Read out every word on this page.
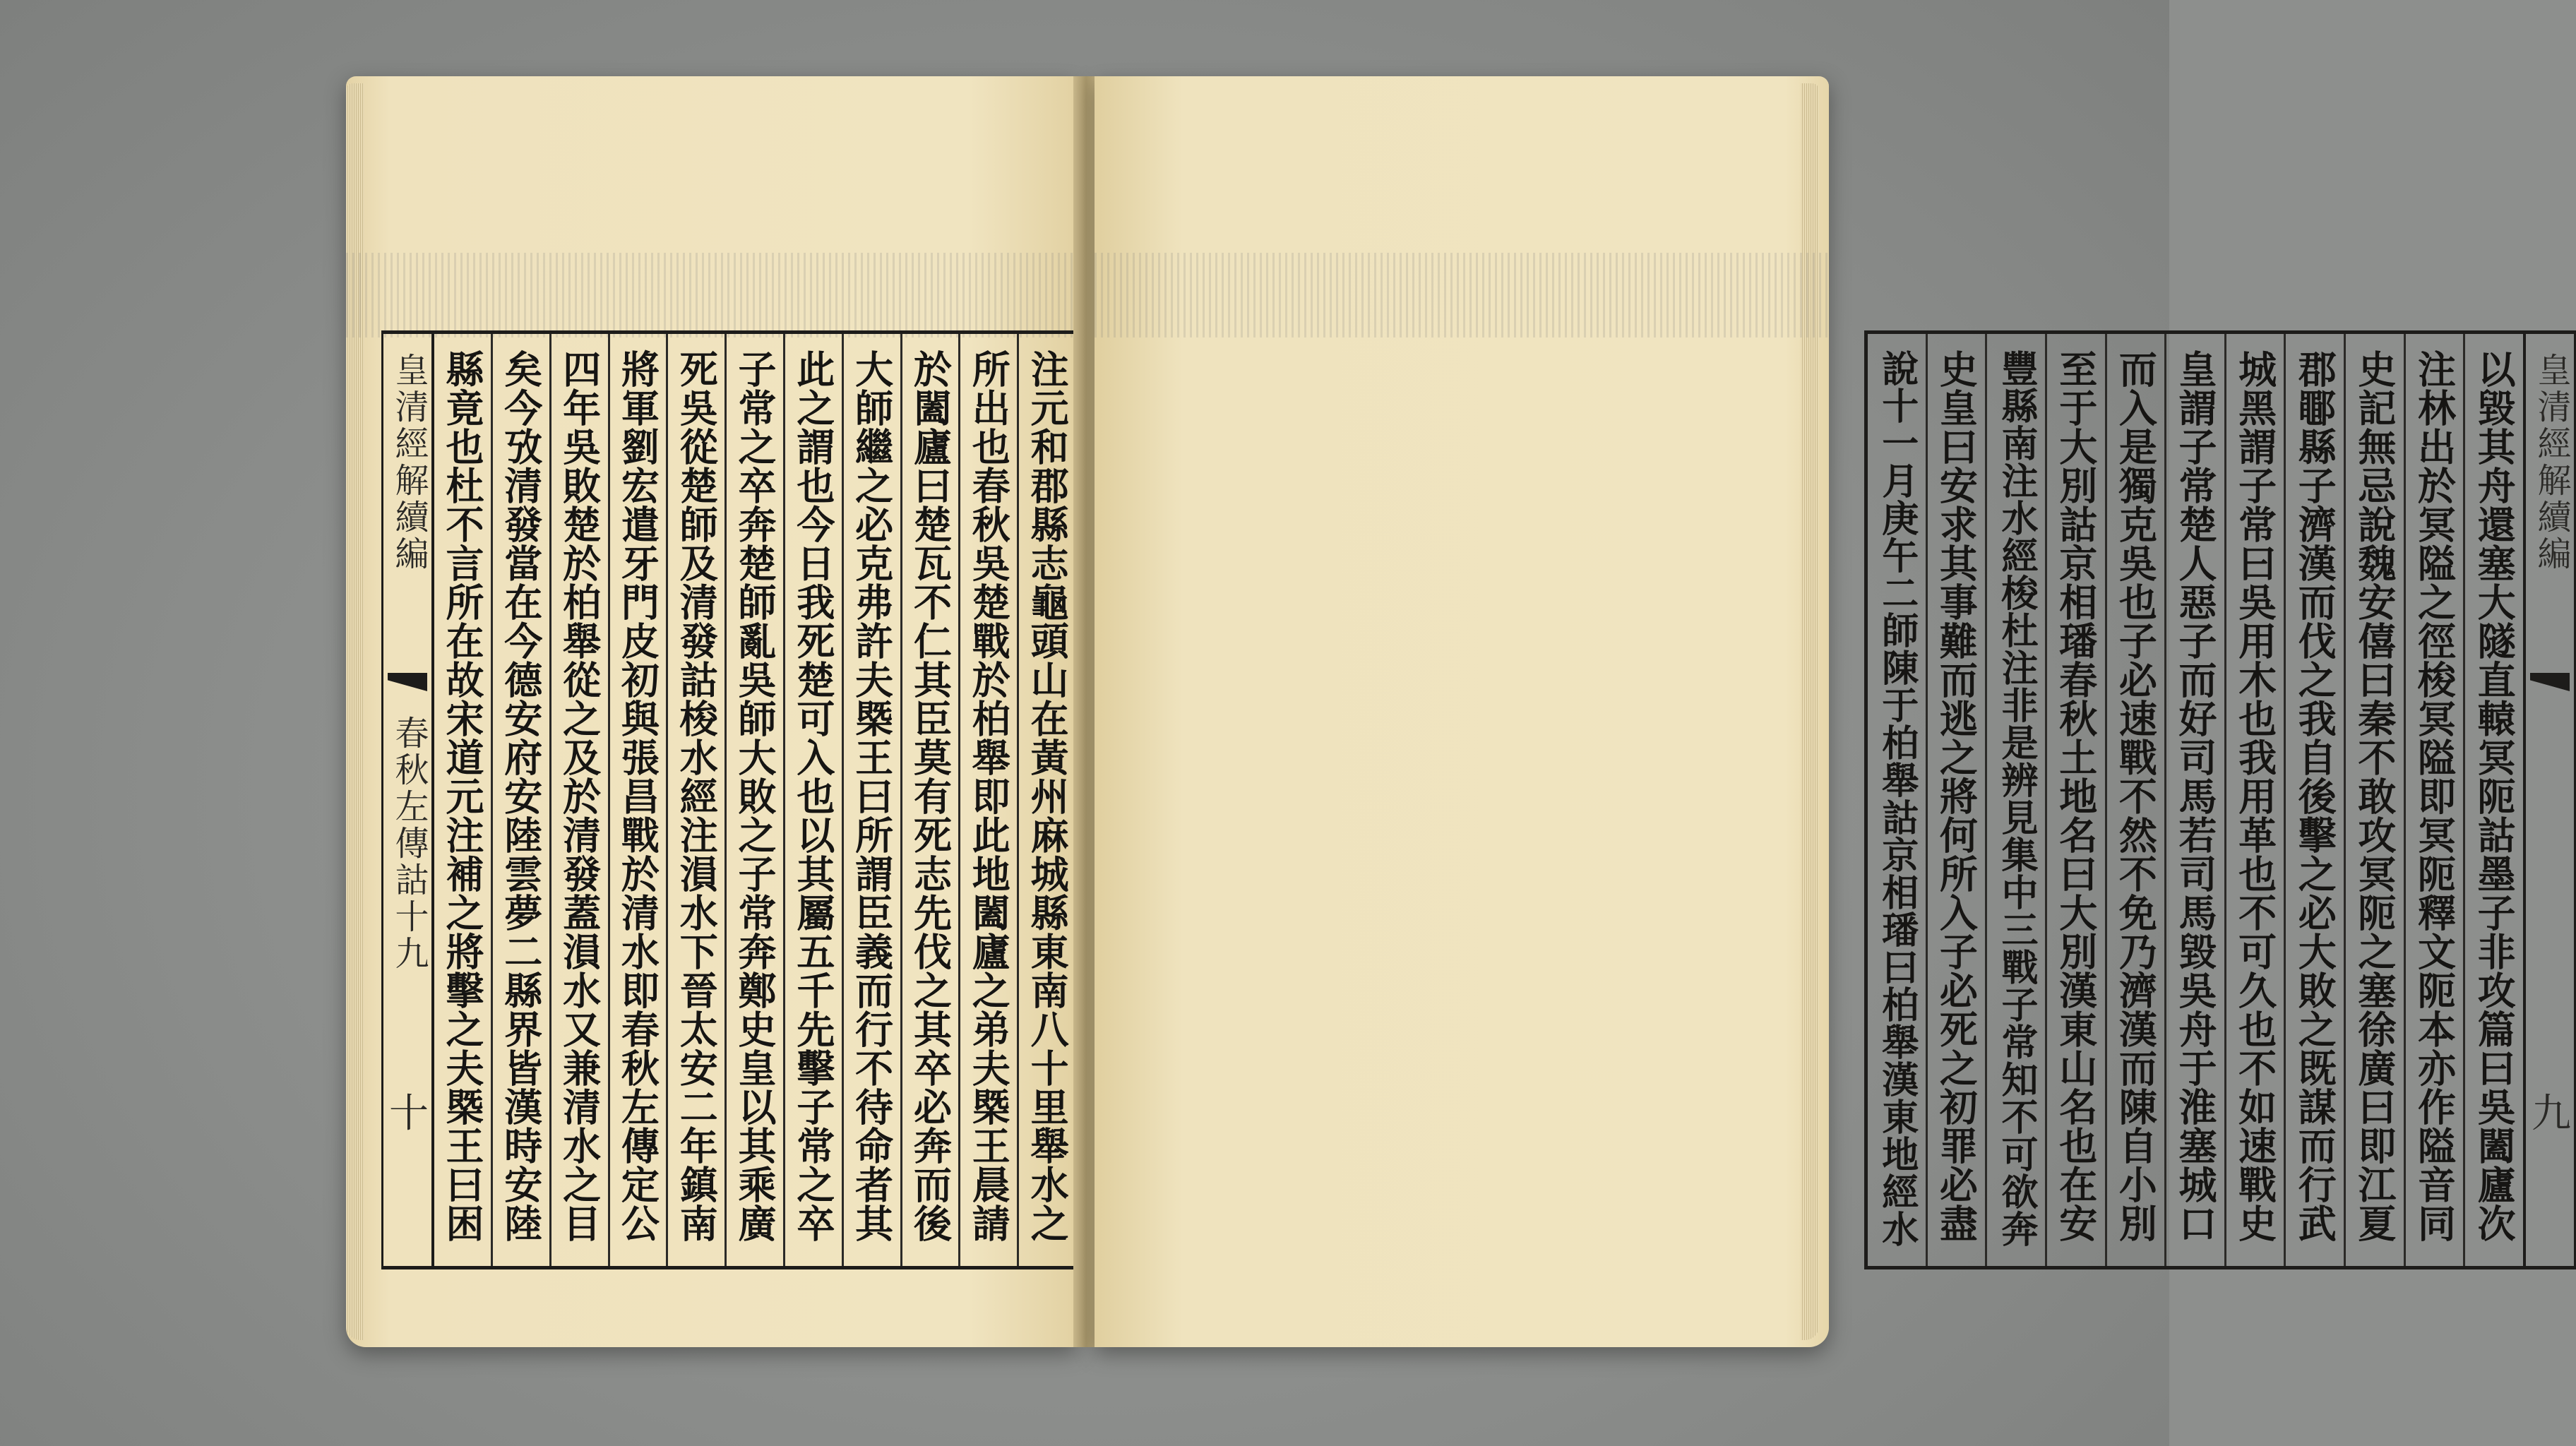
皇清經解續編
春秋左傳詁十九
十	注元和郡縣志龜頭山在黃州麻城縣東南八十里舉水之
所出也春秋吳楚戰於柏舉即此地闔廬之弟夫槩王晨請
於闔廬曰楚瓦不仁其臣莫有死志先伐之其卒必奔而後
大師繼之必克弗許夫槩王曰所謂臣義而行不待命者其
此之謂也今日我死楚可入也以其屬五千先擊子常之卒
子常之卒奔楚師亂吳師大敗之子常奔鄭史皇以其乘廣
死吳從楚師及清發詁梭水經注溳水下晉太安二年鎮南
將軍劉宏遣牙門皮初與張昌戰於清水即春秋左傳定公
四年吳敗楚於柏舉從之及於清發蓋溳水又兼清水之目
矣今攷清發當在今德安府安陸雲夢二縣界皆漢時安陸
縣竟也杜不言所在故宋道元注補之將擊之夫槩王曰困	皇清經解續編
九
以毀其舟還塞大隧直轅冥阨詁墨子非攻篇曰吳闔廬次
注林出於冥隘之徑梭冥隘即冥阨釋文阨本亦作隘音同
史記無忌說魏安僖曰秦不敢攻冥阨之塞徐廣曰即江夏
郡鄳縣子濟漢而伐之我自後擊之必大敗之既謀而行武
城黑謂子常曰吳用木也我用革也不可久也不如速戰史
皇謂子常楚人惡子而好司馬若司馬毀吳舟于淮塞城口
而入是獨克吳也子必速戰不然不免乃濟漢而陳自小別
至于大別詁京相璠春秋土地名曰大別漢東山名也在安
豐縣南注水經梭杜注非是辨見集中三戰子常知不可欲奔
史皇曰安求其事難而逃之將何所入子必死之初罪必盡
說十一月庚午二師陳于柏舉詁京相璠曰柏舉漢東地經水
